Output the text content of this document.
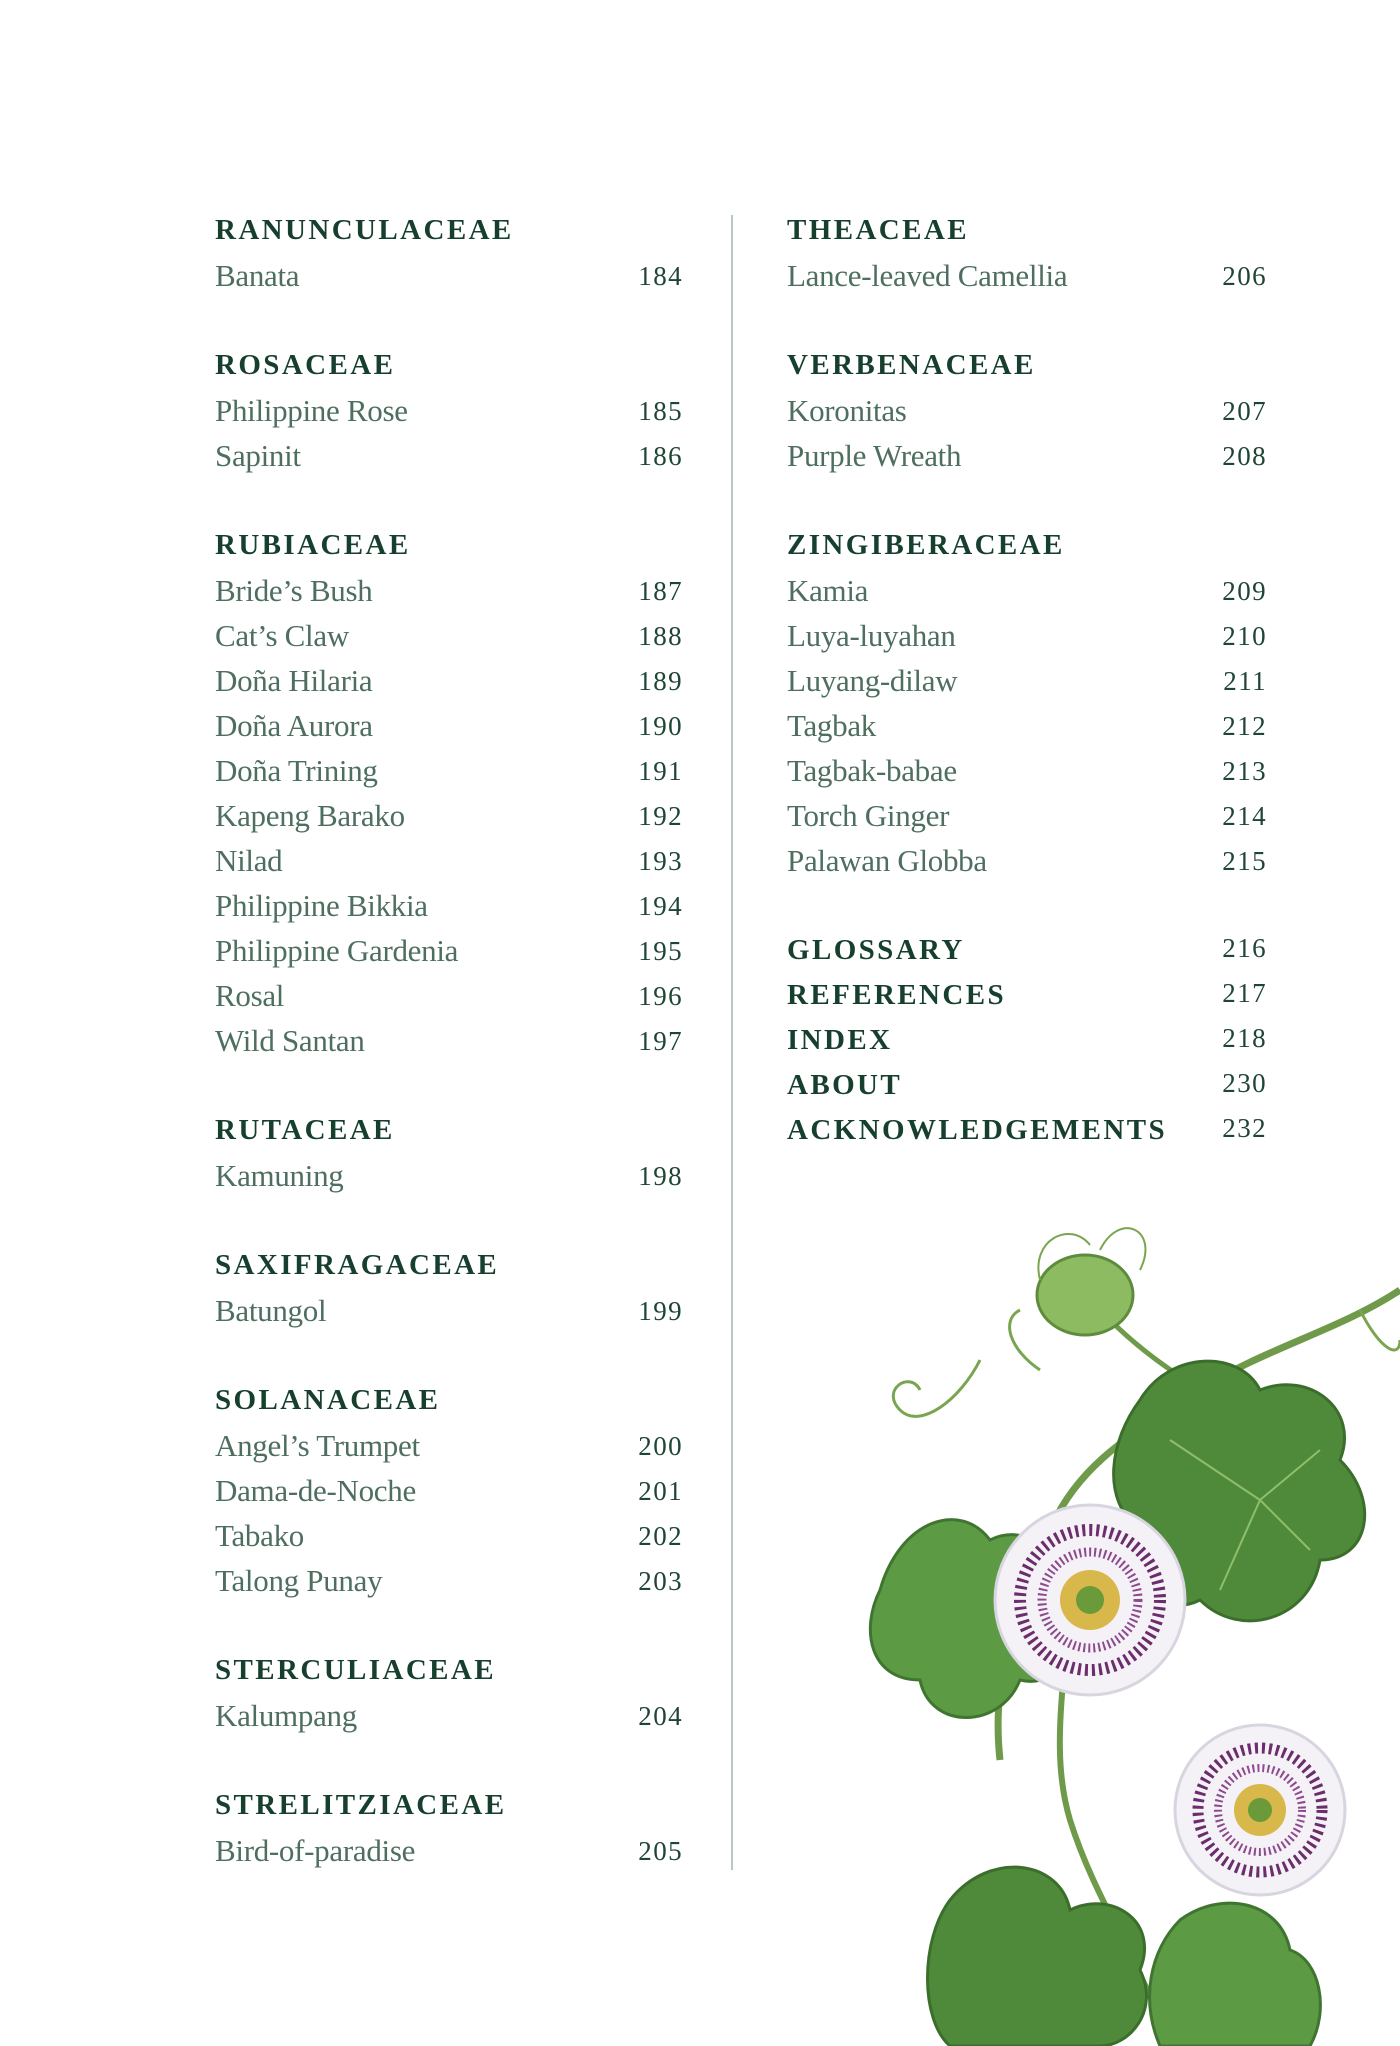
RANUNCULACEAE
Banata	184
ROSACEAE
Philippine Rose	185
Sapinit	186
RUBIACEAE
Bride’s Bush	187
Cat’s Claw	188
Doña Hilaria	189
Doña Aurora	190
Doña Trining	191
Kapeng Barako	192
Nilad	193
Philippine Bikkia	194
Philippine Gardenia	195
Rosal	196
Wild Santan	197
RUTACEAE
Kamuning	198
SAXIFRAGACEAE
Batungol	199
SOLANACEAE
Angel’s Trumpet	200
Dama-de-Noche	201
Tabako	202
Talong Punay	203
STERCULIACEAE
Kalumpang	204
STRELITZIACEAE
Bird-of-paradise	205
THEACEAE
Lance-leaved Camellia	206
VERBENACEAE
Koronitas	207
Purple Wreath	208
ZINGIBERACEAE
Kamia	209
Luya-luyahan	210
Luyang-dilaw	211
Tagbak	212
Tagbak-babae	213
Torch Ginger	214
Palawan Globba	215
GLOSSARY	216
REFERENCES	217
INDEX	218
ABOUT	230
ACKNOWLEDGEMENTS	232
